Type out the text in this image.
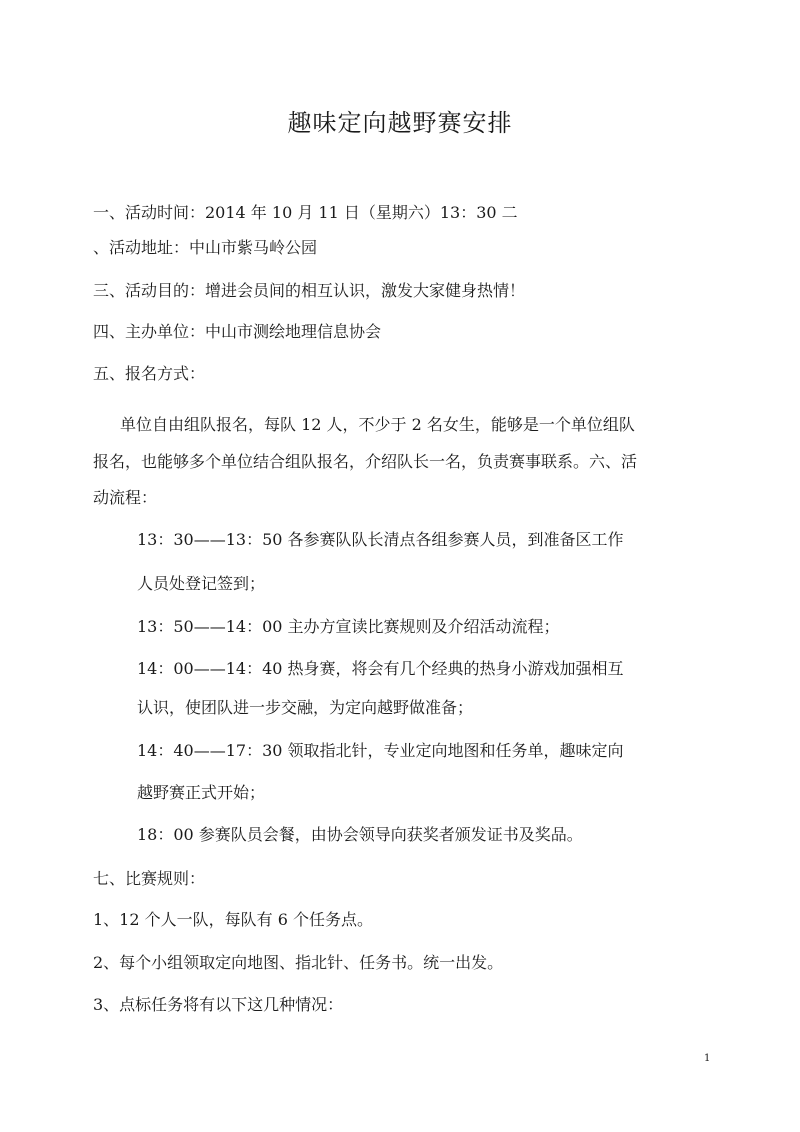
趣味定向越野赛安排
一、活动时间：2014 年 10 月 11 日（星期六）13：30 二
、活动地址：中山市紫马岭公园
三、活动目的：增进会员间的相互认识，激发大家健身热情！
四、主办单位：中山市测绘地理信息协会
五、报名方式：
单位自由组队报名，每队 12 人，不少于 2 名女生，能够是一个单位组队
报名，也能够多个单位结合组队报名，介绍队长一名，负责赛事联系。六、活
动流程：
13：30——13：50 各参赛队队长清点各组参赛人员，到准备区工作
人员处登记签到；
13：50——14：00 主办方宣读比赛规则及介绍活动流程；
14：00——14：40 热身赛，将会有几个经典的热身小游戏加强相互
认识，使团队进一步交融，为定向越野做准备；
14：40——17：30 领取指北针，专业定向地图和任务单，趣味定向
越野赛正式开始；
18：00 参赛队员会餐，由协会领导向获奖者颁发证书及奖品。
七、比赛规则：
1、12 个人一队，每队有 6 个任务点。
2、每个小组领取定向地图、指北针、任务书。统一出发。
3、点标任务将有以下这几种情况：
1
